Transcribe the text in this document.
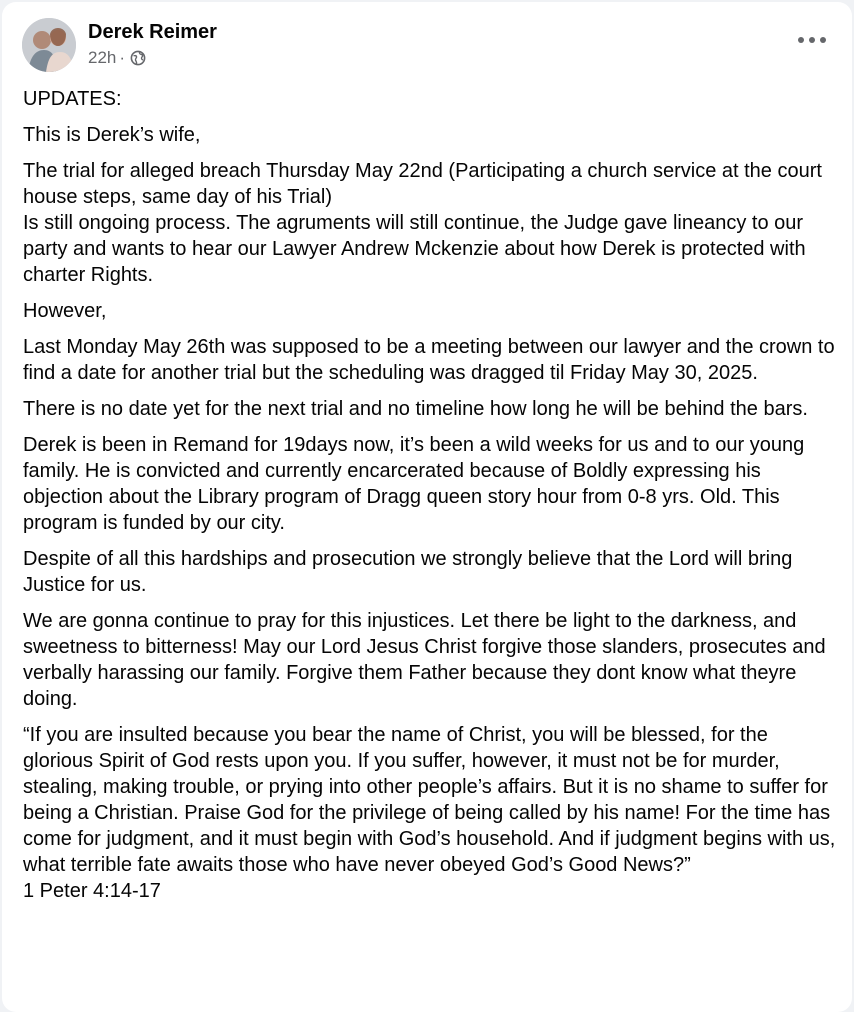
Derek Reimer
22h ·

UPDATES:

This is Derek’s wife,

The trial for alleged breach Thursday May 22nd (Participating a church service at the court house steps, same day of his Trial)
Is still ongoing process. The agruments will still continue, the Judge gave lineancy to our party and wants to hear our Lawyer Andrew Mckenzie about how Derek is protected with charter Rights.

However,

Last Monday May 26th was supposed to be a meeting between our lawyer and the crown to find a date for another trial but the scheduling was dragged til Friday May 30, 2025.

There is no date yet for the next trial and no timeline how long he will be behind the bars.

Derek is been in Remand for 19days now, it’s been a wild weeks for us and to our young family. He is convicted and currently encarcerated because of Boldly expressing his objection about the Library program of Dragg queen story hour from 0-8 yrs. Old. This program is funded by our city.

Despite of all this hardships and prosecution we strongly believe that the Lord will bring Justice for us.

We are gonna continue to pray for this injustices. Let there be light to the darkness, and sweetness to bitterness! May our Lord Jesus Christ forgive those slanders, prosecutes and verbally harassing our family. Forgive them Father because they dont know what theyre doing.

“If you are insulted because you bear the name of Christ, you will be blessed, for the glorious Spirit of God rests upon you. If you suffer, however, it must not be for murder, stealing, making trouble, or prying into other people’s affairs. But it is no shame to suffer for being a Christian. Praise God for the privilege of being called by his name! For the time has come for judgment, and it must begin with God’s household. And if judgment begins with us, what terrible fate awaits those who have never obeyed God’s Good News?”
1 Peter 4:14-17
